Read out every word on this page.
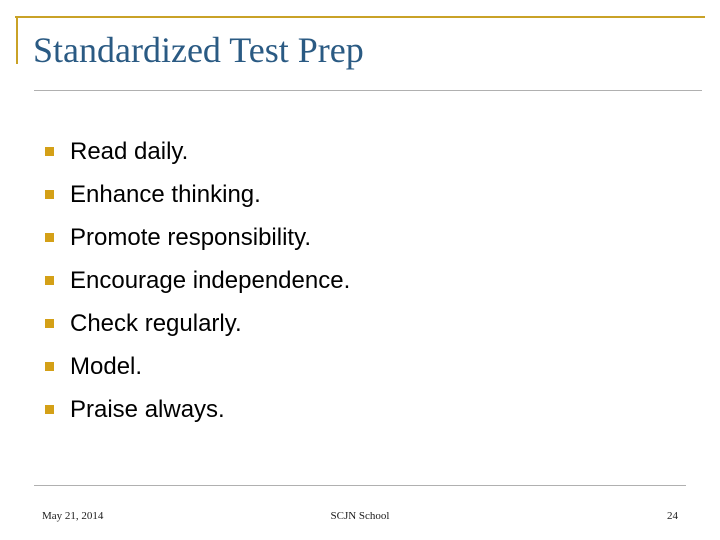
Standardized Test Prep
Read daily.
Enhance thinking.
Promote responsibility.
Encourage independence.
Check regularly.
Model.
Praise always.
May 21, 2014	SCJN School	24
